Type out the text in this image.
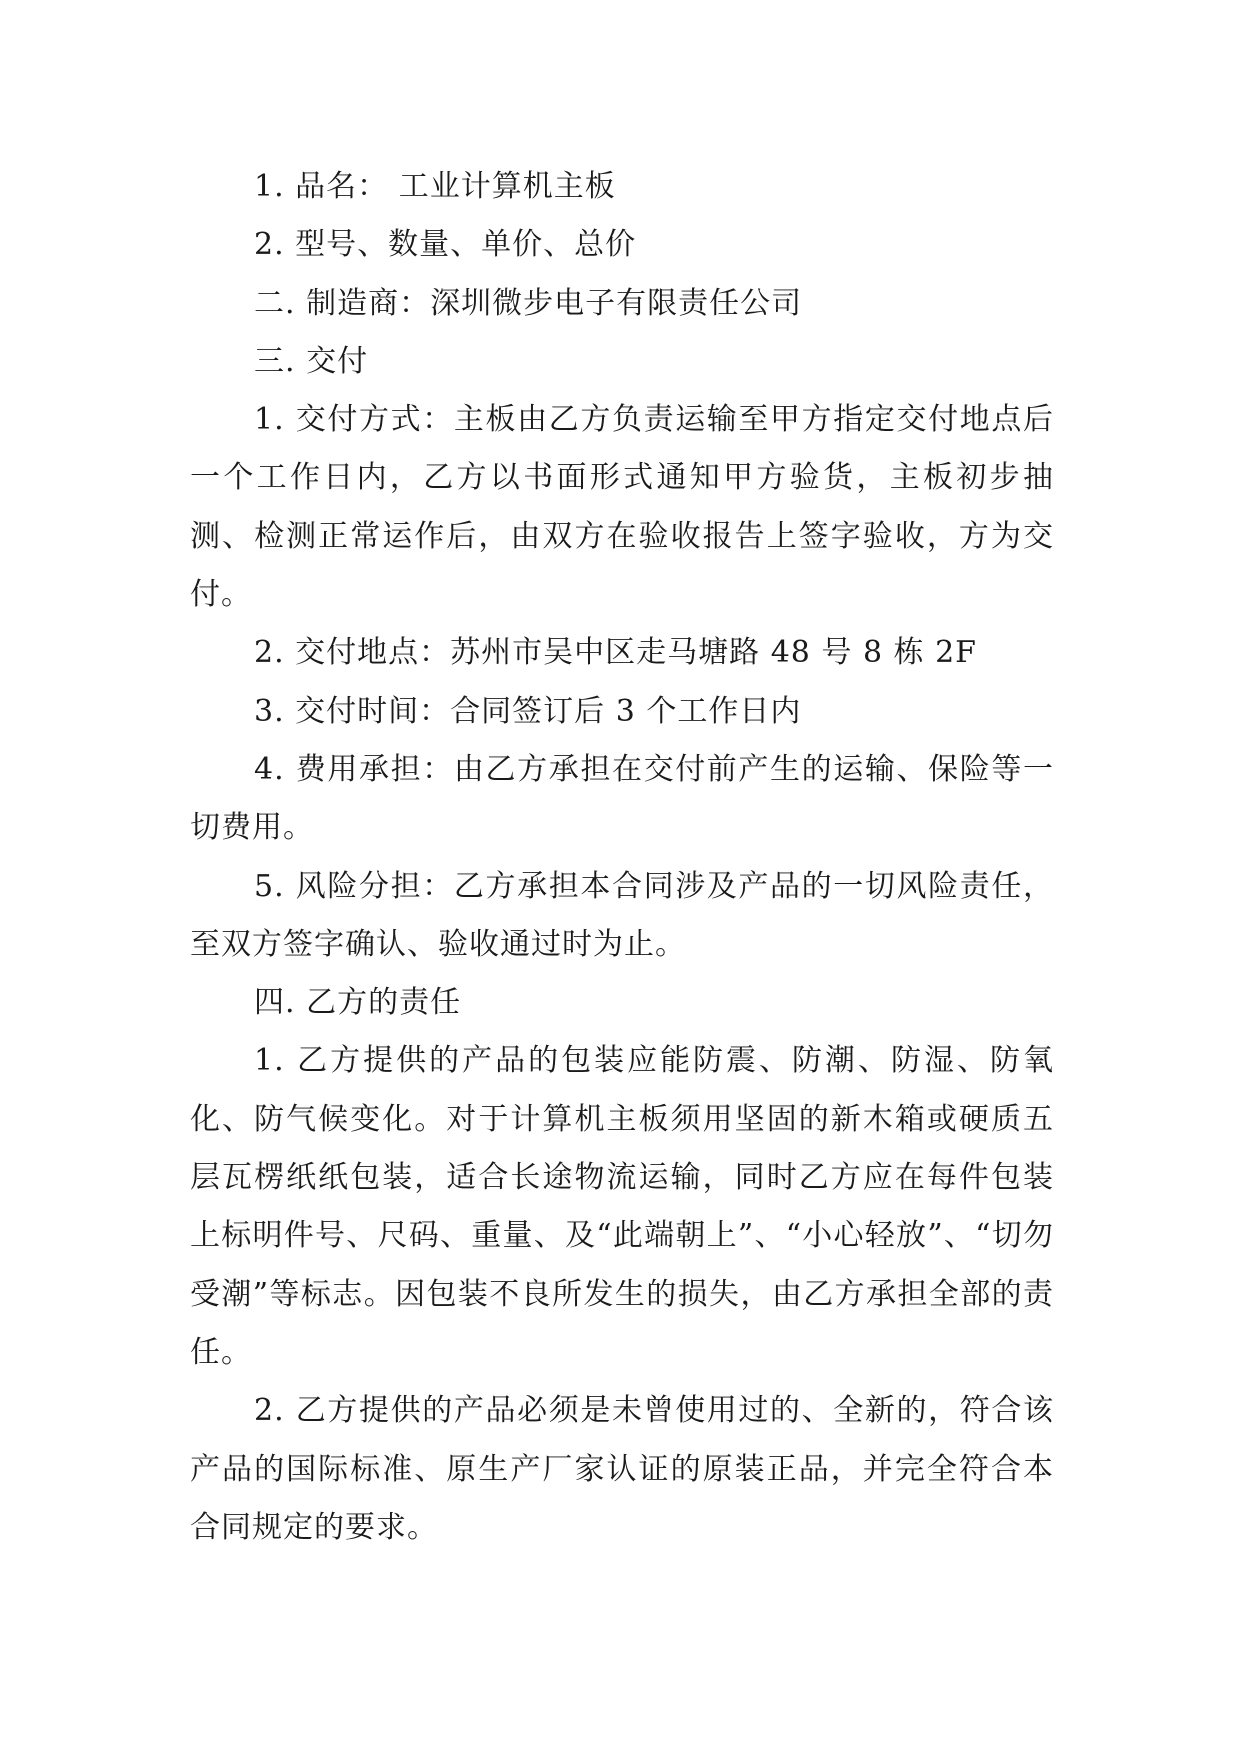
1. 品名： 工业计算机主板

2. 型号、数量、单价、总价

二. 制造商：深圳微步电子有限责任公司

三. 交付

1. 交付方式：主板由乙方负责运输至甲方指定交付地点后一个工作日内，乙方以书面形式通知甲方验货，主板初步抽测、检测正常运作后，由双方在验收报告上签字验收，方为交付。

2. 交付地点：苏州市吴中区走马塘路 48 号 8 栋 2F

3. 交付时间：合同签订后 3 个工作日内

4. 费用承担：由乙方承担在交付前产生的运输、保险等一切费用。

5. 风险分担：乙方承担本合同涉及产品的一切风险责任，至双方签字确认、验收通过时为止。

四. 乙方的责任

1. 乙方提供的产品的包装应能防震、防潮、防湿、防氧化、防气候变化。对于计算机主板须用坚固的新木箱或硬质五层瓦楞纸纸包装，适合长途物流运输，同时乙方应在每件包装上标明件号、尺码、重量、及“此端朝上”、“小心轻放”、“切勿受潮”等标志。因包装不良所发生的损失，由乙方承担全部的责任。

2. 乙方提供的产品必须是未曾使用过的、全新的，符合该产品的国际标准、原生产厂家认证的原装正品，并完全符合本合同规定的要求。
